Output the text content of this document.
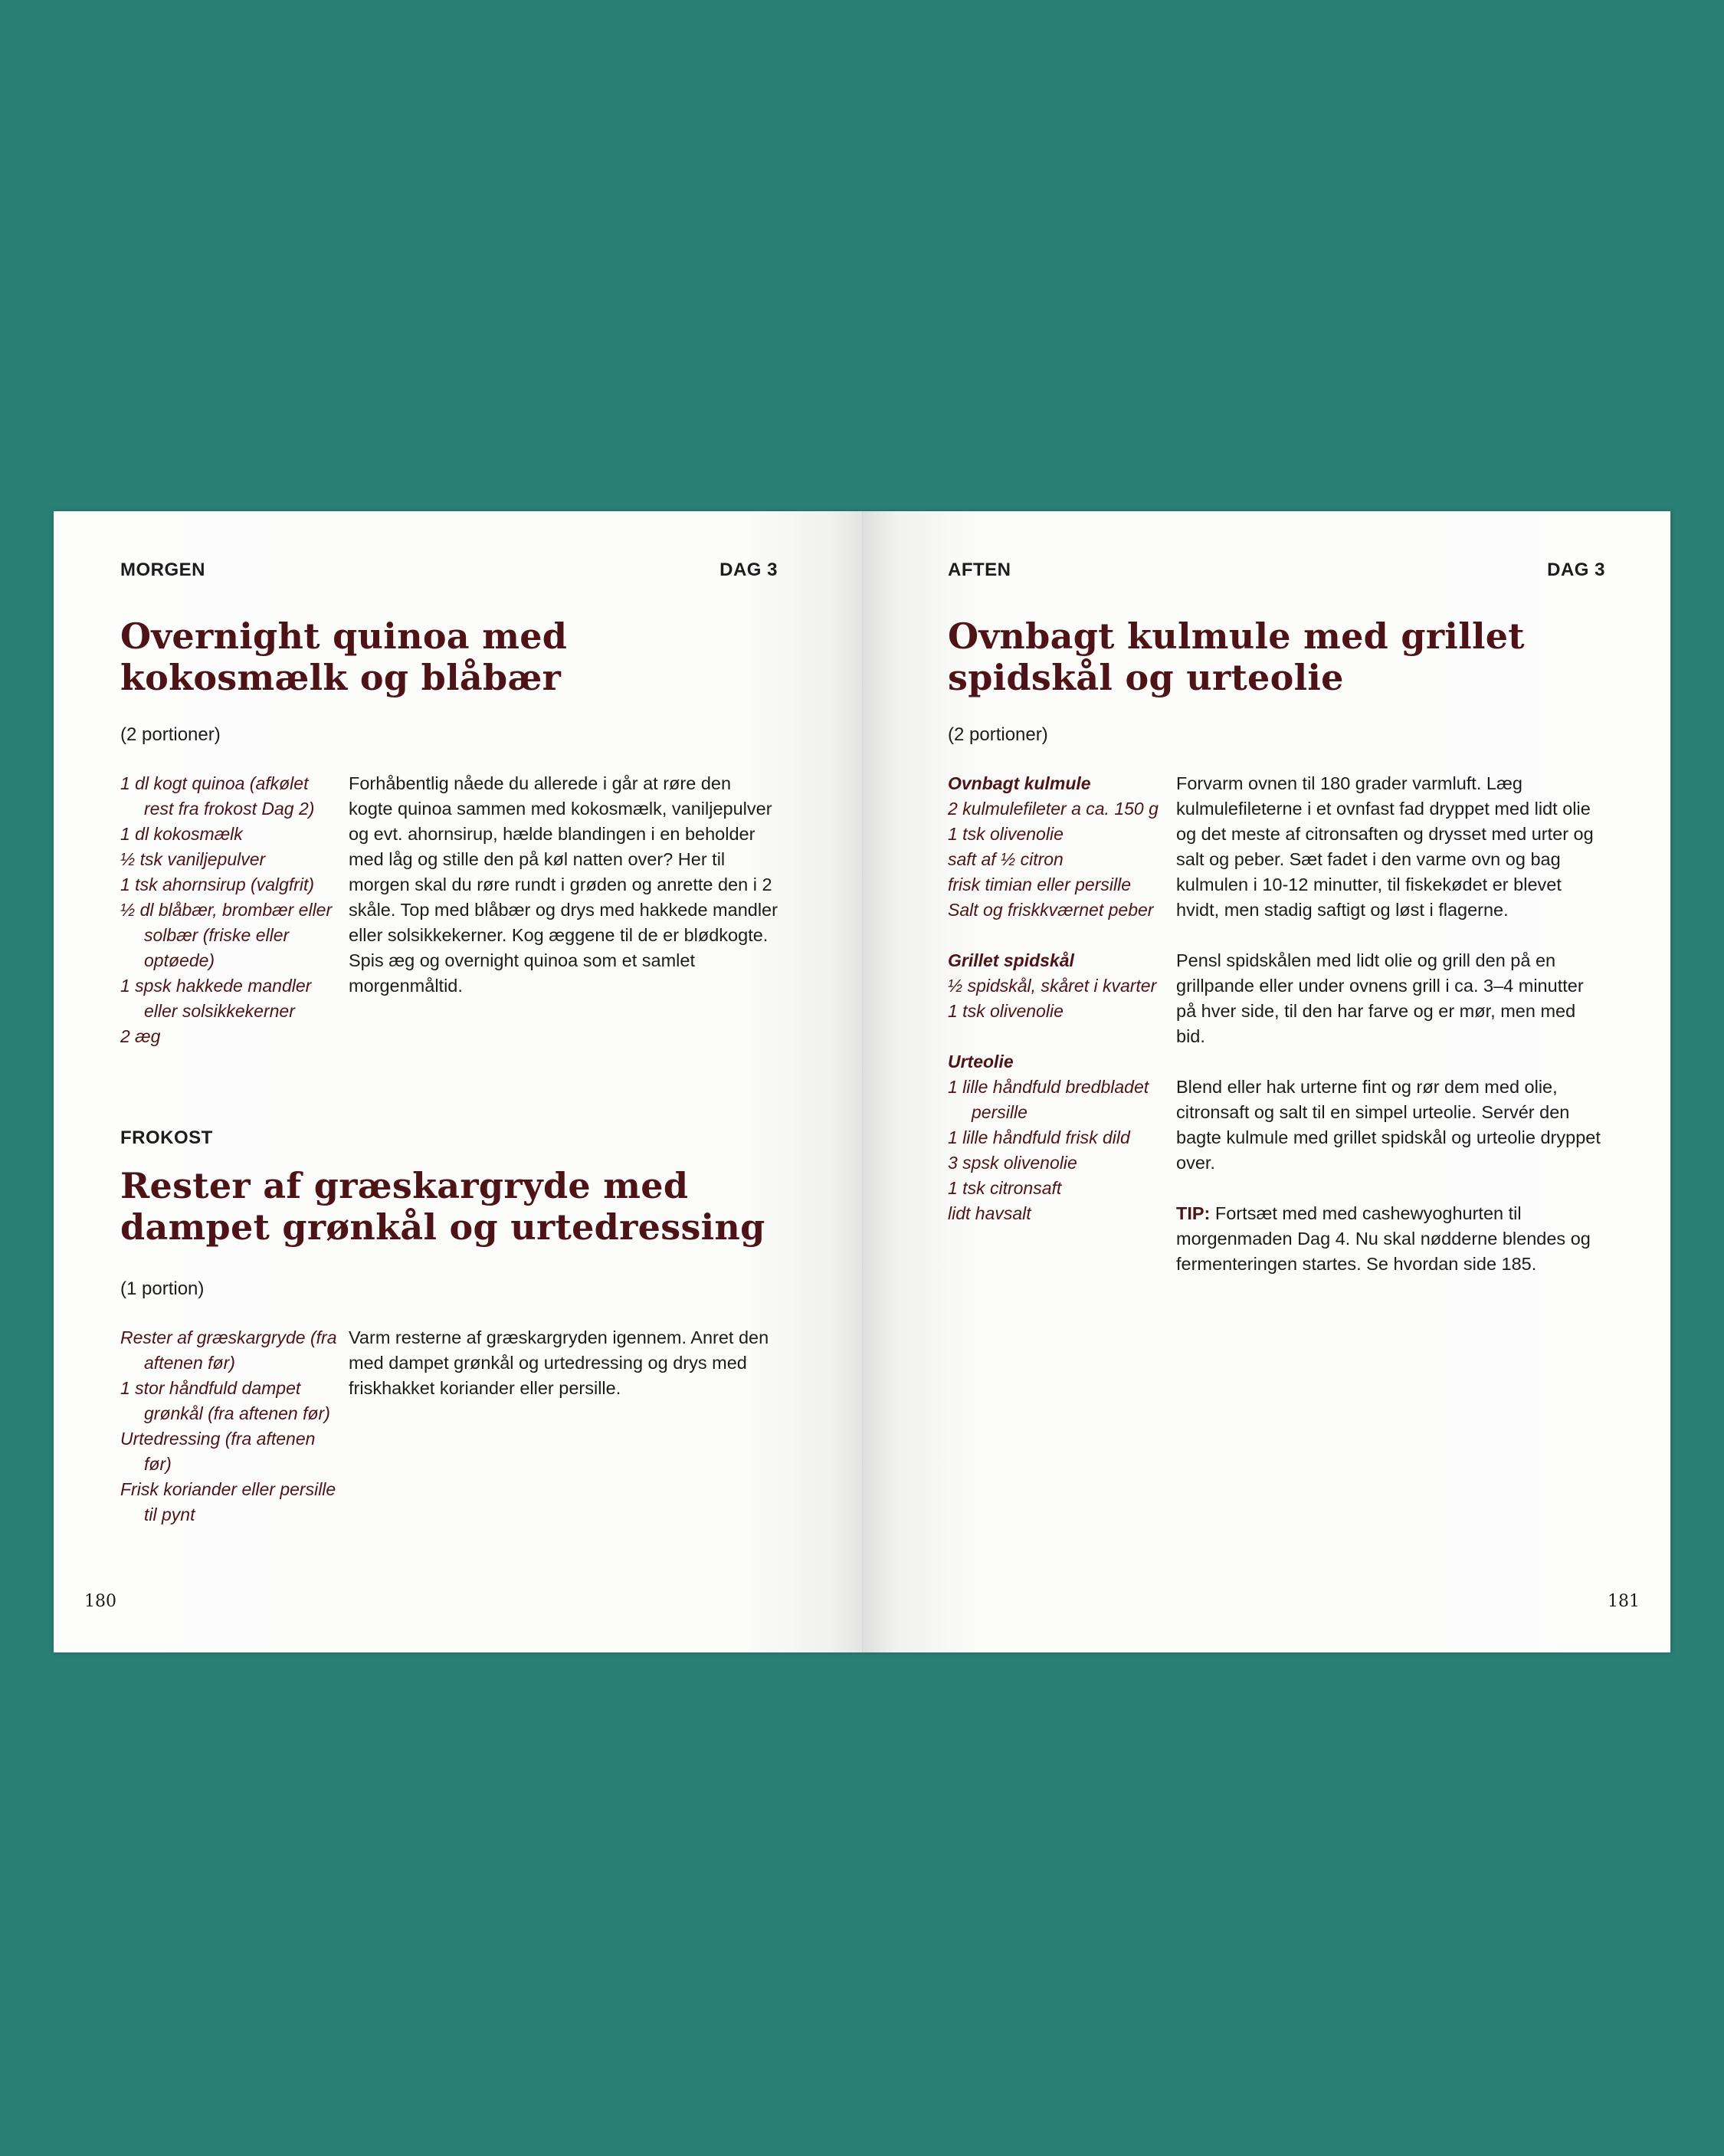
MORGEN	DAG 3
Overnight quinoa med
kokosmælk og blåbær
(2 portioner)
1 dl kogt quinoa (afkølet rest fra frokost Dag 2)
1 dl kokosmælk
½ tsk vaniljepulver
1 tsk ahornsirup (valgfrit)
½ dl blåbær, brombær eller solbær (friske eller optøede)
1 spsk hakkede mandler eller solsikkekerner
2 æg

Forhåbentlig nåede du allerede i går at røre den kogte quinoa sammen med kokosmælk, vaniljepulver og evt. ahornsirup, hælde blandingen i en beholder med låg og stille den på køl natten over? Her til morgen skal du røre rundt i grøden og anrette den i 2 skåle. Top med blåbær og drys med hakkede mandler eller solsikkekerner. Kog æggene til de er blødkogte. Spis æg og overnight quinoa som et samlet morgenmåltid.

FROKOST
Rester af græskargryde med
dampet grønkål og urtedressing
(1 portion)
Rester af græskargryde (fra aftenen før)
1 stor håndfuld dampet grønkål (fra aftenen før)
Urtedressing (fra aftenen før)
Frisk koriander eller persille til pynt

Varm resterne af græskargryden igennem. Anret den med dampet grønkål og urtedressing og drys med friskhakket koriander eller persille.

180
AFTEN	DAG 3
Ovnbagt kulmule med grillet
spidskål og urteolie
(2 portioner)
Ovnbagt kulmule
2 kulmulefileter a ca. 150 g
1 tsk olivenolie
saft af ½ citron
frisk timian eller persille
Salt og friskkværnet peber
Grillet spidskål
½ spidskål, skåret i kvarter
1 tsk olivenolie
Urteolie
1 lille håndfuld bredbladet persille
1 lille håndfuld frisk dild
3 spsk olivenolie
1 tsk citronsaft
lidt havsalt

Forvarm ovnen til 180 grader varmluft. Læg kulmulefileterne i et ovnfast fad dryppet med lidt olie og det meste af citronsaften og drysset med urter og salt og peber. Sæt fadet i den varme ovn og bag kulmulen i 10-12 minutter, til fiskekødet er blevet hvidt, men stadig saftigt og løst i flagerne.

Pensl spidskålen med lidt olie og grill den på en grillpande eller under ovnens grill i ca. 3–4 minutter på hver side, til den har farve og er mør, men med bid.

Blend eller hak urterne fint og rør dem med olie, citronsaft og salt til en simpel urteolie. Servér den bagte kulmule med grillet spidskål og urteolie dryppet over.

TIP: Fortsæt med med cashewyoghurten til morgenmaden Dag 4. Nu skal nødderne blendes og fermenteringen startes. Se hvordan side 185.

181
